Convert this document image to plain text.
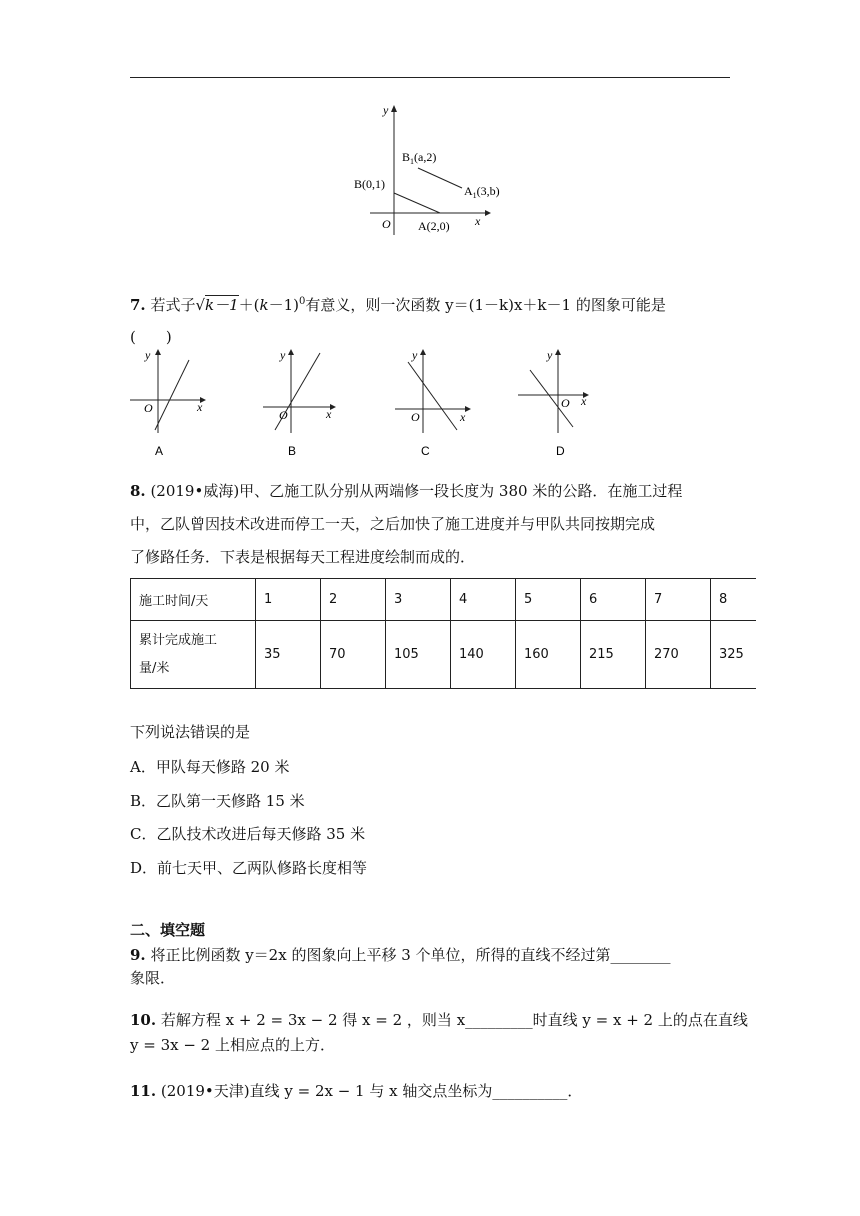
y
x
O
B(0,1)
A(2,0)
$B_1(a,2)$
$A_1(3,b)$
7. 若式子$√k-1+(k-1)^0$有意义，则一次函数 y＝(1－k)x＋k－1 的图象可能是
(　　)
y
x
O
A
y
x
O
B
y
x
O
C
y
x
O
D
8. (2019•威海)甲、乙施工队分别从两端修一段长度为 380 米的公路．在施工过程
中，乙队曾因技术改进而停工一天，之后加快了施工进度并与甲队共同按期完成
了修路任务．下表是根据每天工程进度绘制而成的．
施工时间/天	1	2	3	4	5	6	7	8
累计完成施工
量/米	35	70	105	140	160	215	270	325
下列说法错误的是
A．甲队每天修路 20 米
B．乙队第一天修路 15 米
C．乙队技术改进后每天修路 35 米
D．前七天甲、乙两队修路长度相等
二、填空题
9. 将正比例函数 y＝2x 的图象向上平移 3 个单位，所得的直线不经过第________
象限．
10. 若解方程 x + 2 = 3x − 2 得 x = 2 ，则当 x_________时直线 y = x + 2 上的点在直线
y = 3x − 2 上相应点的上方．
11. (2019•天津)直线 y = 2x − 1 与 x 轴交点坐标为__________．
